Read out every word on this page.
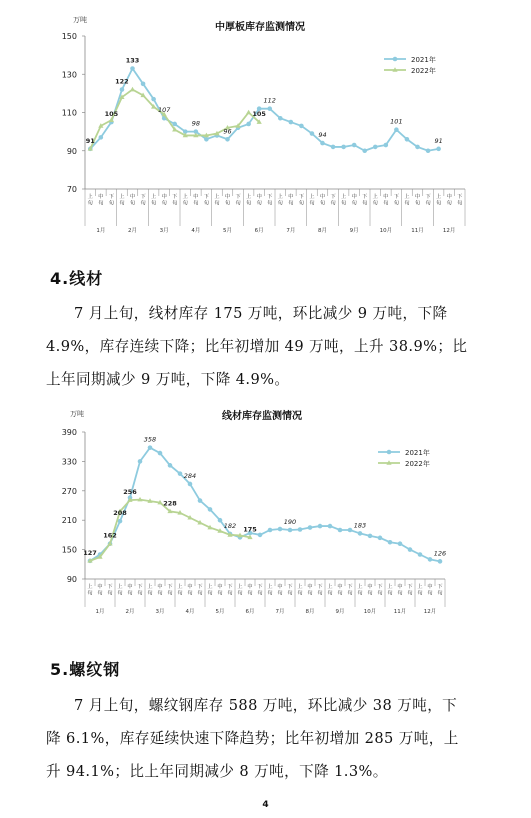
中厚板库存监测情况
万吨
70
90
110
130
150
上
旬
中
旬
下
旬
上
旬
中
旬
下
旬
上
旬
中
旬
下
旬
上
旬
中
旬
下
旬
上
旬
中
旬
下
旬
上
旬
中
旬
下
旬
上
旬
中
旬
下
旬
上
旬
中
旬
下
旬
上
旬
中
旬
下
旬
上
旬
中
旬
下
旬
上
旬
中
旬
下
旬
上
旬
中
旬
下
旬
1月	2月	3月	4月	5月	6月	7月	8月	9月	10月	11月	12月
91
105
122
133
107
98
96
105
112
94
101
91
2021年
2022年
4.线材
7 月上旬，线材库存 175 万吨，环比减少 9 万吨，下降
4.9%，库存连续下降；比年初增加 49 万吨，上升 38.9%；比
上年同期减少 9 万吨，下降 4.9%。
线材库存监测情况
万吨
90
150
210
270
330
390
上
旬
中
旬
下
旬
上
旬
中
旬
下
旬
上
旬
中
旬
下
旬
上
旬
中
旬
下
旬
上
旬
中
旬
下
旬
上
旬
中
旬
下
旬
上
旬
中
旬
下
旬
上
旬
中
旬
下
旬
上
旬
中
旬
下
旬
上
旬
中
旬
下
旬
上
旬
中
旬
下
旬
上
旬
中
旬
下
旬
1月	2月	3月	4月	5月	6月	7月	8月	9月	10月	11月	12月
127
162
208
256
358
228
284
182 175
190	183
126
2021年
2022年
5.螺纹钢
7 月上旬，螺纹钢库存 588 万吨，环比减少 38 万吨，下
降 6.1%，库存延续快速下降趋势；比年初增加 285 万吨，上
升 94.1%；比上年同期减少 8 万吨，下降 1.3%。
4
